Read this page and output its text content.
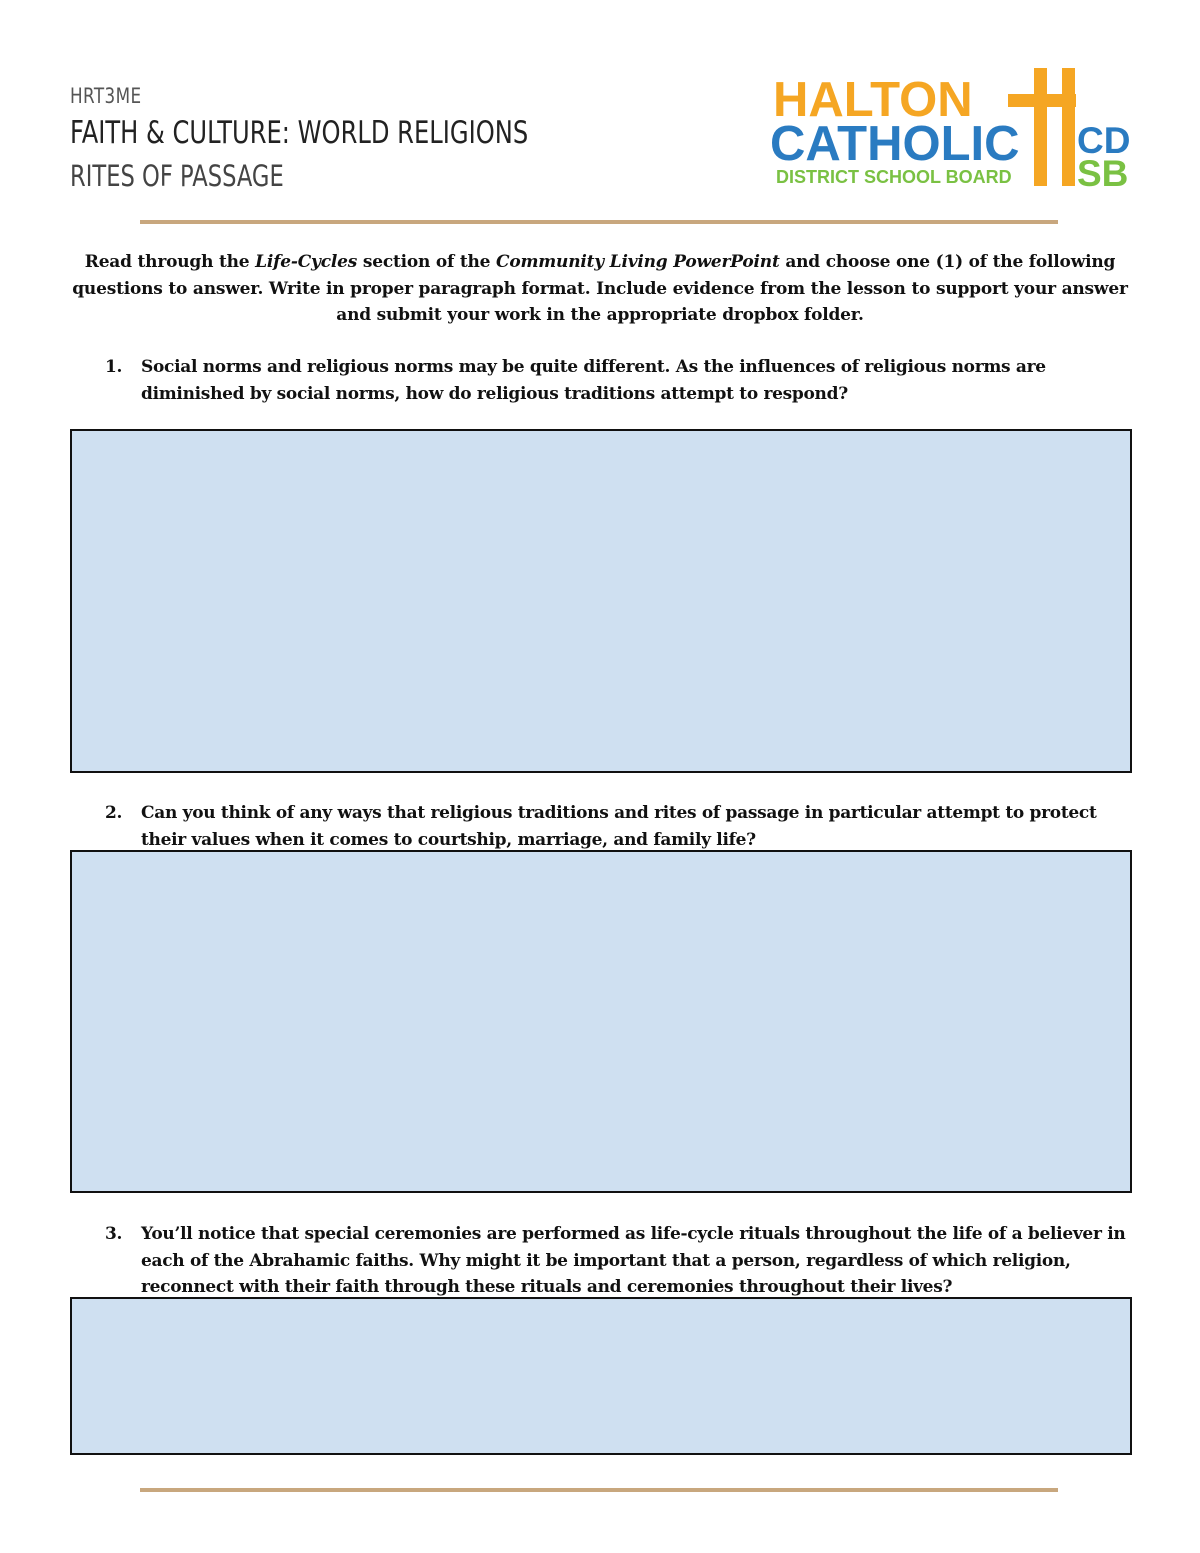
HRT3ME
FAITH & CULTURE: WORLD RELIGIONS
RITES OF PASSAGE
HALTON
CATHOLIC
DISTRICT SCHOOL BOARD
CD
SB

Read through the Life-Cycles section of the Community Living PowerPoint and choose one (1) of the following questions to answer. Write in proper paragraph format. Include evidence from the lesson to support your answer and submit your work in the appropriate dropbox folder.

1. Social norms and religious norms may be quite different. As the influences of religious norms are diminished by social norms, how do religious traditions attempt to respond?
2. Can you think of any ways that religious traditions and rites of passage in particular attempt to protect their values when it comes to courtship, marriage, and family life?
3. You’ll notice that special ceremonies are performed as life-cycle rituals throughout the life of a believer in each of the Abrahamic faiths. Why might it be important that a person, regardless of which religion, reconnect with their faith through these rituals and ceremonies throughout their lives?
